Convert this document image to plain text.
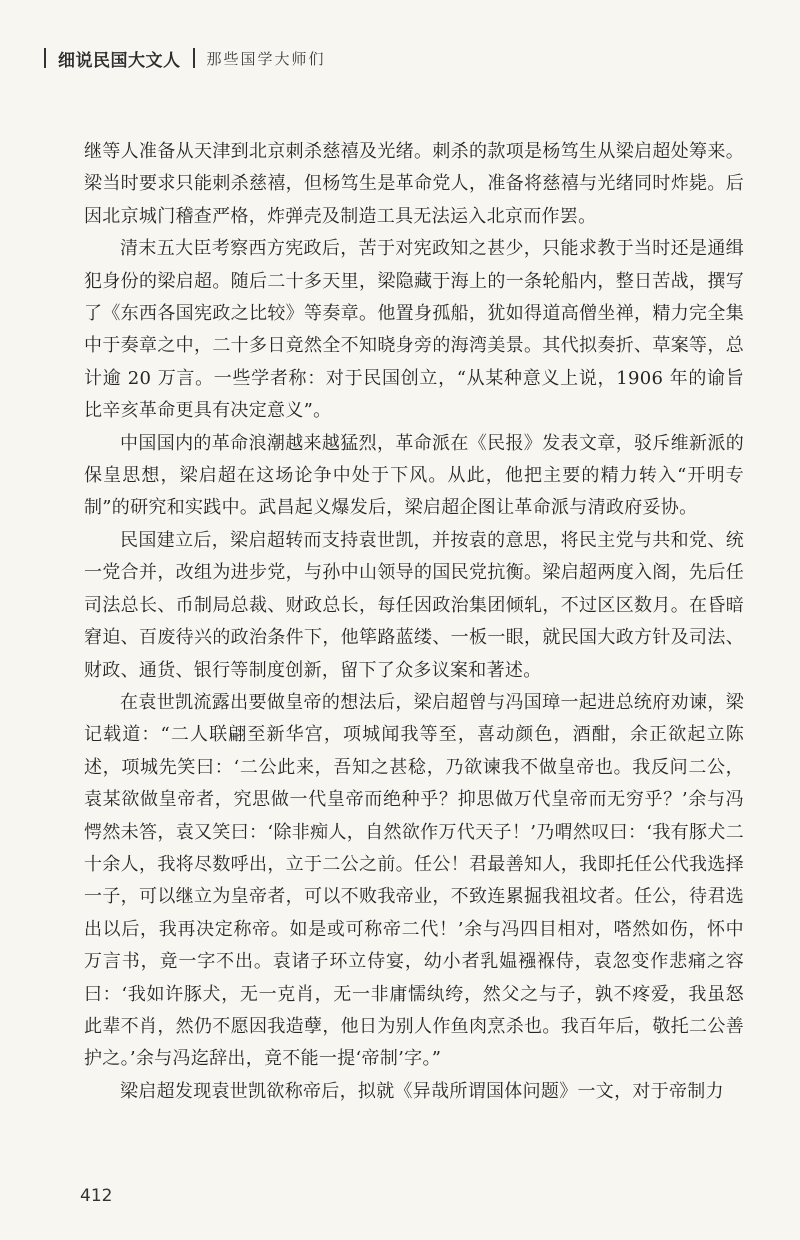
细说民国大文人 那些国学大师们

继等人准备从天津到北京刺杀慈禧及光绪。刺杀的款项是杨笃生从梁启超处筹来。梁当时要求只能刺杀慈禧，但杨笃生是革命党人，准备将慈禧与光绪同时炸毙。后因北京城门稽查严格，炸弹壳及制造工具无法运入北京而作罢。

清末五大臣考察西方宪政后，苦于对宪政知之甚少，只能求教于当时还是通缉犯身份的梁启超。随后二十多天里，梁隐藏于海上的一条轮船内，整日苦战，撰写了《东西各国宪政之比较》等奏章。他置身孤船，犹如得道高僧坐禅，精力完全集中于奏章之中，二十多日竟然全不知晓身旁的海湾美景。其代拟奏折、草案等，总计逾 20 万言。一些学者称：对于民国创立，“从某种意义上说，1906 年的谕旨比辛亥革命更具有决定意义”。

中国国内的革命浪潮越来越猛烈，革命派在《民报》发表文章，驳斥维新派的保皇思想，梁启超在这场论争中处于下风。从此，他把主要的精力转入“开明专制”的研究和实践中。武昌起义爆发后，梁启超企图让革命派与清政府妥协。

民国建立后，梁启超转而支持袁世凯，并按袁的意思，将民主党与共和党、统一党合并，改组为进步党，与孙中山领导的国民党抗衡。梁启超两度入阁，先后任司法总长、币制局总裁、财政总长，每任因政治集团倾轧，不过区区数月。在昏暗窘迫、百废待兴的政治条件下，他筚路蓝缕、一板一眼，就民国大政方针及司法、财政、通货、银行等制度创新，留下了众多议案和著述。

在袁世凯流露出要做皇帝的想法后，梁启超曾与冯国璋一起进总统府劝谏，梁记载道：“二人联翩至新华宫，项城闻我等至，喜动颜色，酒酣，余正欲起立陈述，项城先笑曰：‘二公此来，吾知之甚稔，乃欲谏我不做皇帝也。我反问二公，袁某欲做皇帝者，究思做一代皇帝而绝种乎？抑思做万代皇帝而无穷乎？’余与冯愕然未答，袁又笑曰：‘除非痴人，自然欲作万代天子！’乃喟然叹曰：‘我有豚犬二十余人，我将尽数呼出，立于二公之前。任公！君最善知人，我即托任公代我选择一子，可以继立为皇帝者，可以不败我帝业，不致连累掘我祖坟者。任公，待君选出以后，我再决定称帝。如是或可称帝二代！’余与冯四目相对，嗒然如伤，怀中万言书，竟一字不出。袁诸子环立侍宴，幼小者乳媪襁褓侍，袁忽变作悲痛之容曰：‘我如许豚犬，无一克肖，无一非庸懦纨绔，然父之与子，孰不疼爱，我虽怒此辈不肖，然仍不愿因我造孽，他日为别人作鱼肉烹杀也。我百年后，敬托二公善护之。’余与冯迄辞出，竟不能一提‘帝制’字。”

梁启超发现袁世凯欲称帝后，拟就《异哉所谓国体问题》一文，对于帝制力

412
